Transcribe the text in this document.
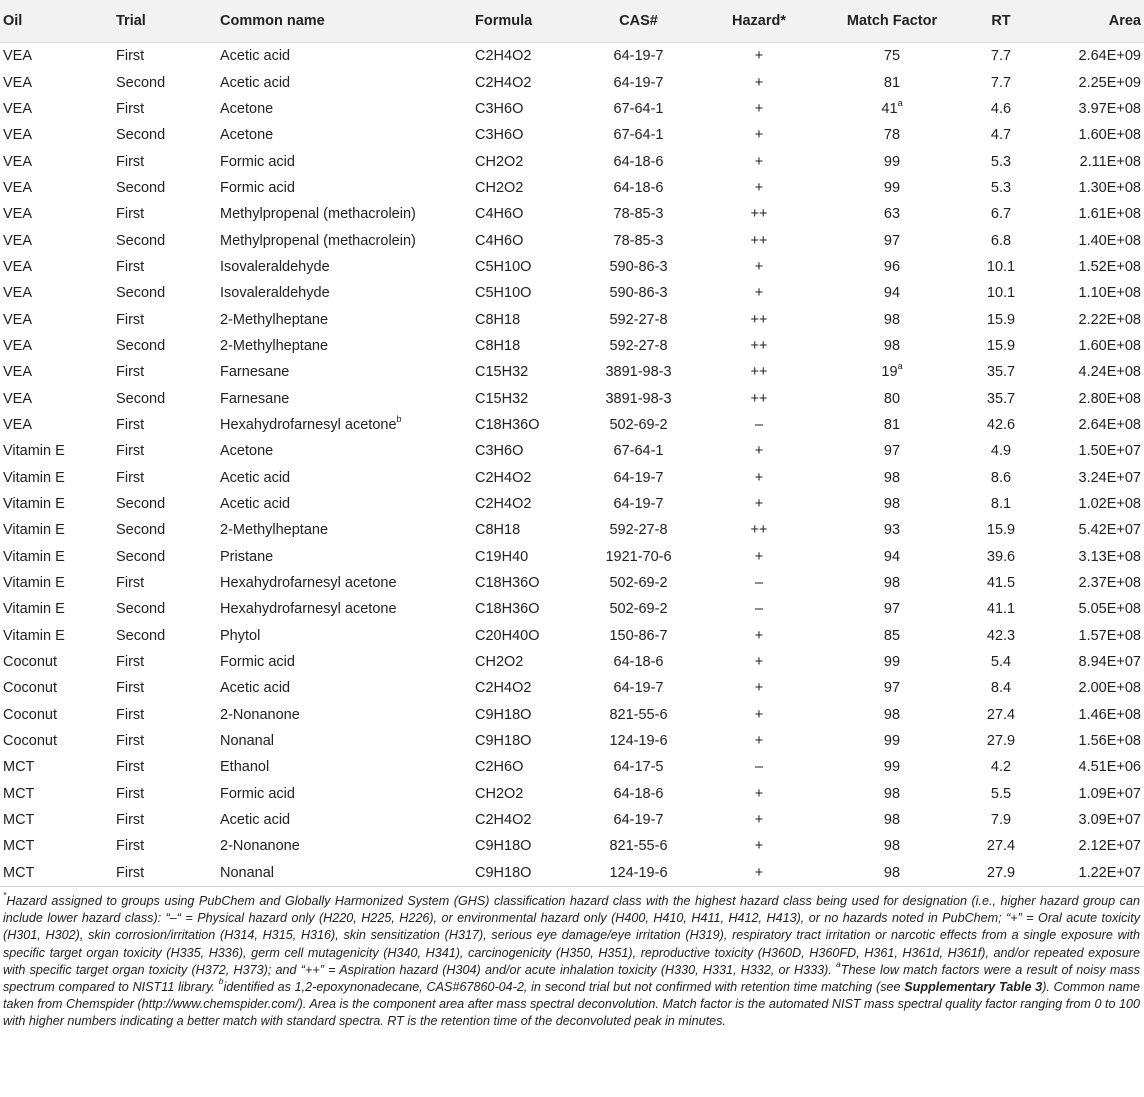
Oil	Trial	Common name	Formula	CAS#	Hazard*	Match Factor	RT	Area
VEA	First	Acetic acid	C2H4O2	64-19-7	+	75	7.7	2.64E+09
VEA	Second	Acetic acid	C2H4O2	64-19-7	+	81	7.7	2.25E+09
VEA	First	Acetone	C3H6O	67-64-1	+	$41^a$	4.6	3.97E+08
VEA	Second	Acetone	C3H6O	67-64-1	+	78	4.7	1.60E+08
VEA	First	Formic acid	CH2O2	64-18-6	+	99	5.3	2.11E+08
VEA	Second	Formic acid	CH2O2	64-18-6	+	99	5.3	1.30E+08
VEA	First	Methylpropenal (methacrolein)	C4H6O	78-85-3	++	63	6.7	1.61E+08
VEA	Second	Methylpropenal (methacrolein)	C4H6O	78-85-3	++	97	6.8	1.40E+08
VEA	First	Isovaleraldehyde	C5H10O	590-86-3	+	96	10.1	1.52E+08
VEA	Second	Isovaleraldehyde	C5H10O	590-86-3	+	94	10.1	1.10E+08
VEA	First	2-Methylheptane	C8H18	592-27-8	++	98	15.9	2.22E+08
VEA	Second	2-Methylheptane	C8H18	592-27-8	++	98	15.9	1.60E+08
VEA	First	Farnesane	C15H32	3891-98-3	++	$19^a$	35.7	4.24E+08
VEA	Second	Farnesane	C15H32	3891-98-3	++	80	35.7	2.80E+08
VEA	First	Hexahydrofarnesyl acetone$^b$	C18H36O	502-69-2	–	81	42.6	2.64E+08
Vitamin E	First	Acetone	C3H6O	67-64-1	+	97	4.9	1.50E+07
Vitamin E	First	Acetic acid	C2H4O2	64-19-7	+	98	8.6	3.24E+07
Vitamin E	Second	Acetic acid	C2H4O2	64-19-7	+	98	8.1	1.02E+08
Vitamin E	Second	2-Methylheptane	C8H18	592-27-8	++	93	15.9	5.42E+07
Vitamin E	Second	Pristane	C19H40	1921-70-6	+	94	39.6	3.13E+08
Vitamin E	First	Hexahydrofarnesyl acetone	C18H36O	502-69-2	–	98	41.5	2.37E+08
Vitamin E	Second	Hexahydrofarnesyl acetone	C18H36O	502-69-2	–	97	41.1	5.05E+08
Vitamin E	Second	Phytol	C20H40O	150-86-7	+	85	42.3	1.57E+08
Coconut	First	Formic acid	CH2O2	64-18-6	+	99	5.4	8.94E+07
Coconut	First	Acetic acid	C2H4O2	64-19-7	+	97	8.4	2.00E+08
Coconut	First	2-Nonanone	C9H18O	821-55-6	+	98	27.4	1.46E+08
Coconut	First	Nonanal	C9H18O	124-19-6	+	99	27.9	1.56E+08
MCT	First	Ethanol	C2H6O	64-17-5	–	99	4.2	4.51E+06
MCT	First	Formic acid	CH2O2	64-18-6	+	98	5.5	1.09E+07
MCT	First	Acetic acid	C2H4O2	64-19-7	+	98	7.9	3.09E+07
MCT	First	2-Nonanone	C9H18O	821-55-6	+	98	27.4	2.12E+07
MCT	First	Nonanal	C9H18O	124-19-6	+	98	27.9	1.22E+07

*Hazard assigned to groups using PubChem and Globally Harmonized System (GHS) classification hazard class with the highest hazard class being used for designation (i.e., higher hazard group can include lower hazard class): “–“ = Physical hazard only (H220, H225, H226), or environmental hazard only (H400, H410, H411, H412, H413), or no hazards noted in PubChem; “+” = Oral acute toxicity (H301, H302), skin corrosion/irritation (H314, H315, H316), skin sensitization (H317), serious eye damage/eye irritation (H319), respiratory tract irritation or narcotic effects from a single exposure with specific target organ toxicity (H335, H336), germ cell mutagenicity (H340, H341), carcinogenicity (H350, H351), reproductive toxicity (H360D, H360FD, H361, H361d, H361f), and/or repeated exposure with specific target organ toxicity (H372, H373); and “++” = Aspiration hazard (H304) and/or acute inhalation toxicity (H330, H331, H332, or H333). $^a$These low match factors were a result of noisy mass spectrum compared to NIST11 library. $^b$identified as 1,2-epoxynonadecane, CAS#67860-04-2, in second trial but not confirmed with retention time matching (see Supplementary Table 3). Common name taken from Chemspider (http://www.chemspider.com/). Area is the component area after mass spectral deconvolution. Match factor is the automated NIST mass spectral quality factor ranging from 0 to 100 with higher numbers indicating a better match with standard spectra. RT is the retention time of the deconvoluted peak in minutes.
